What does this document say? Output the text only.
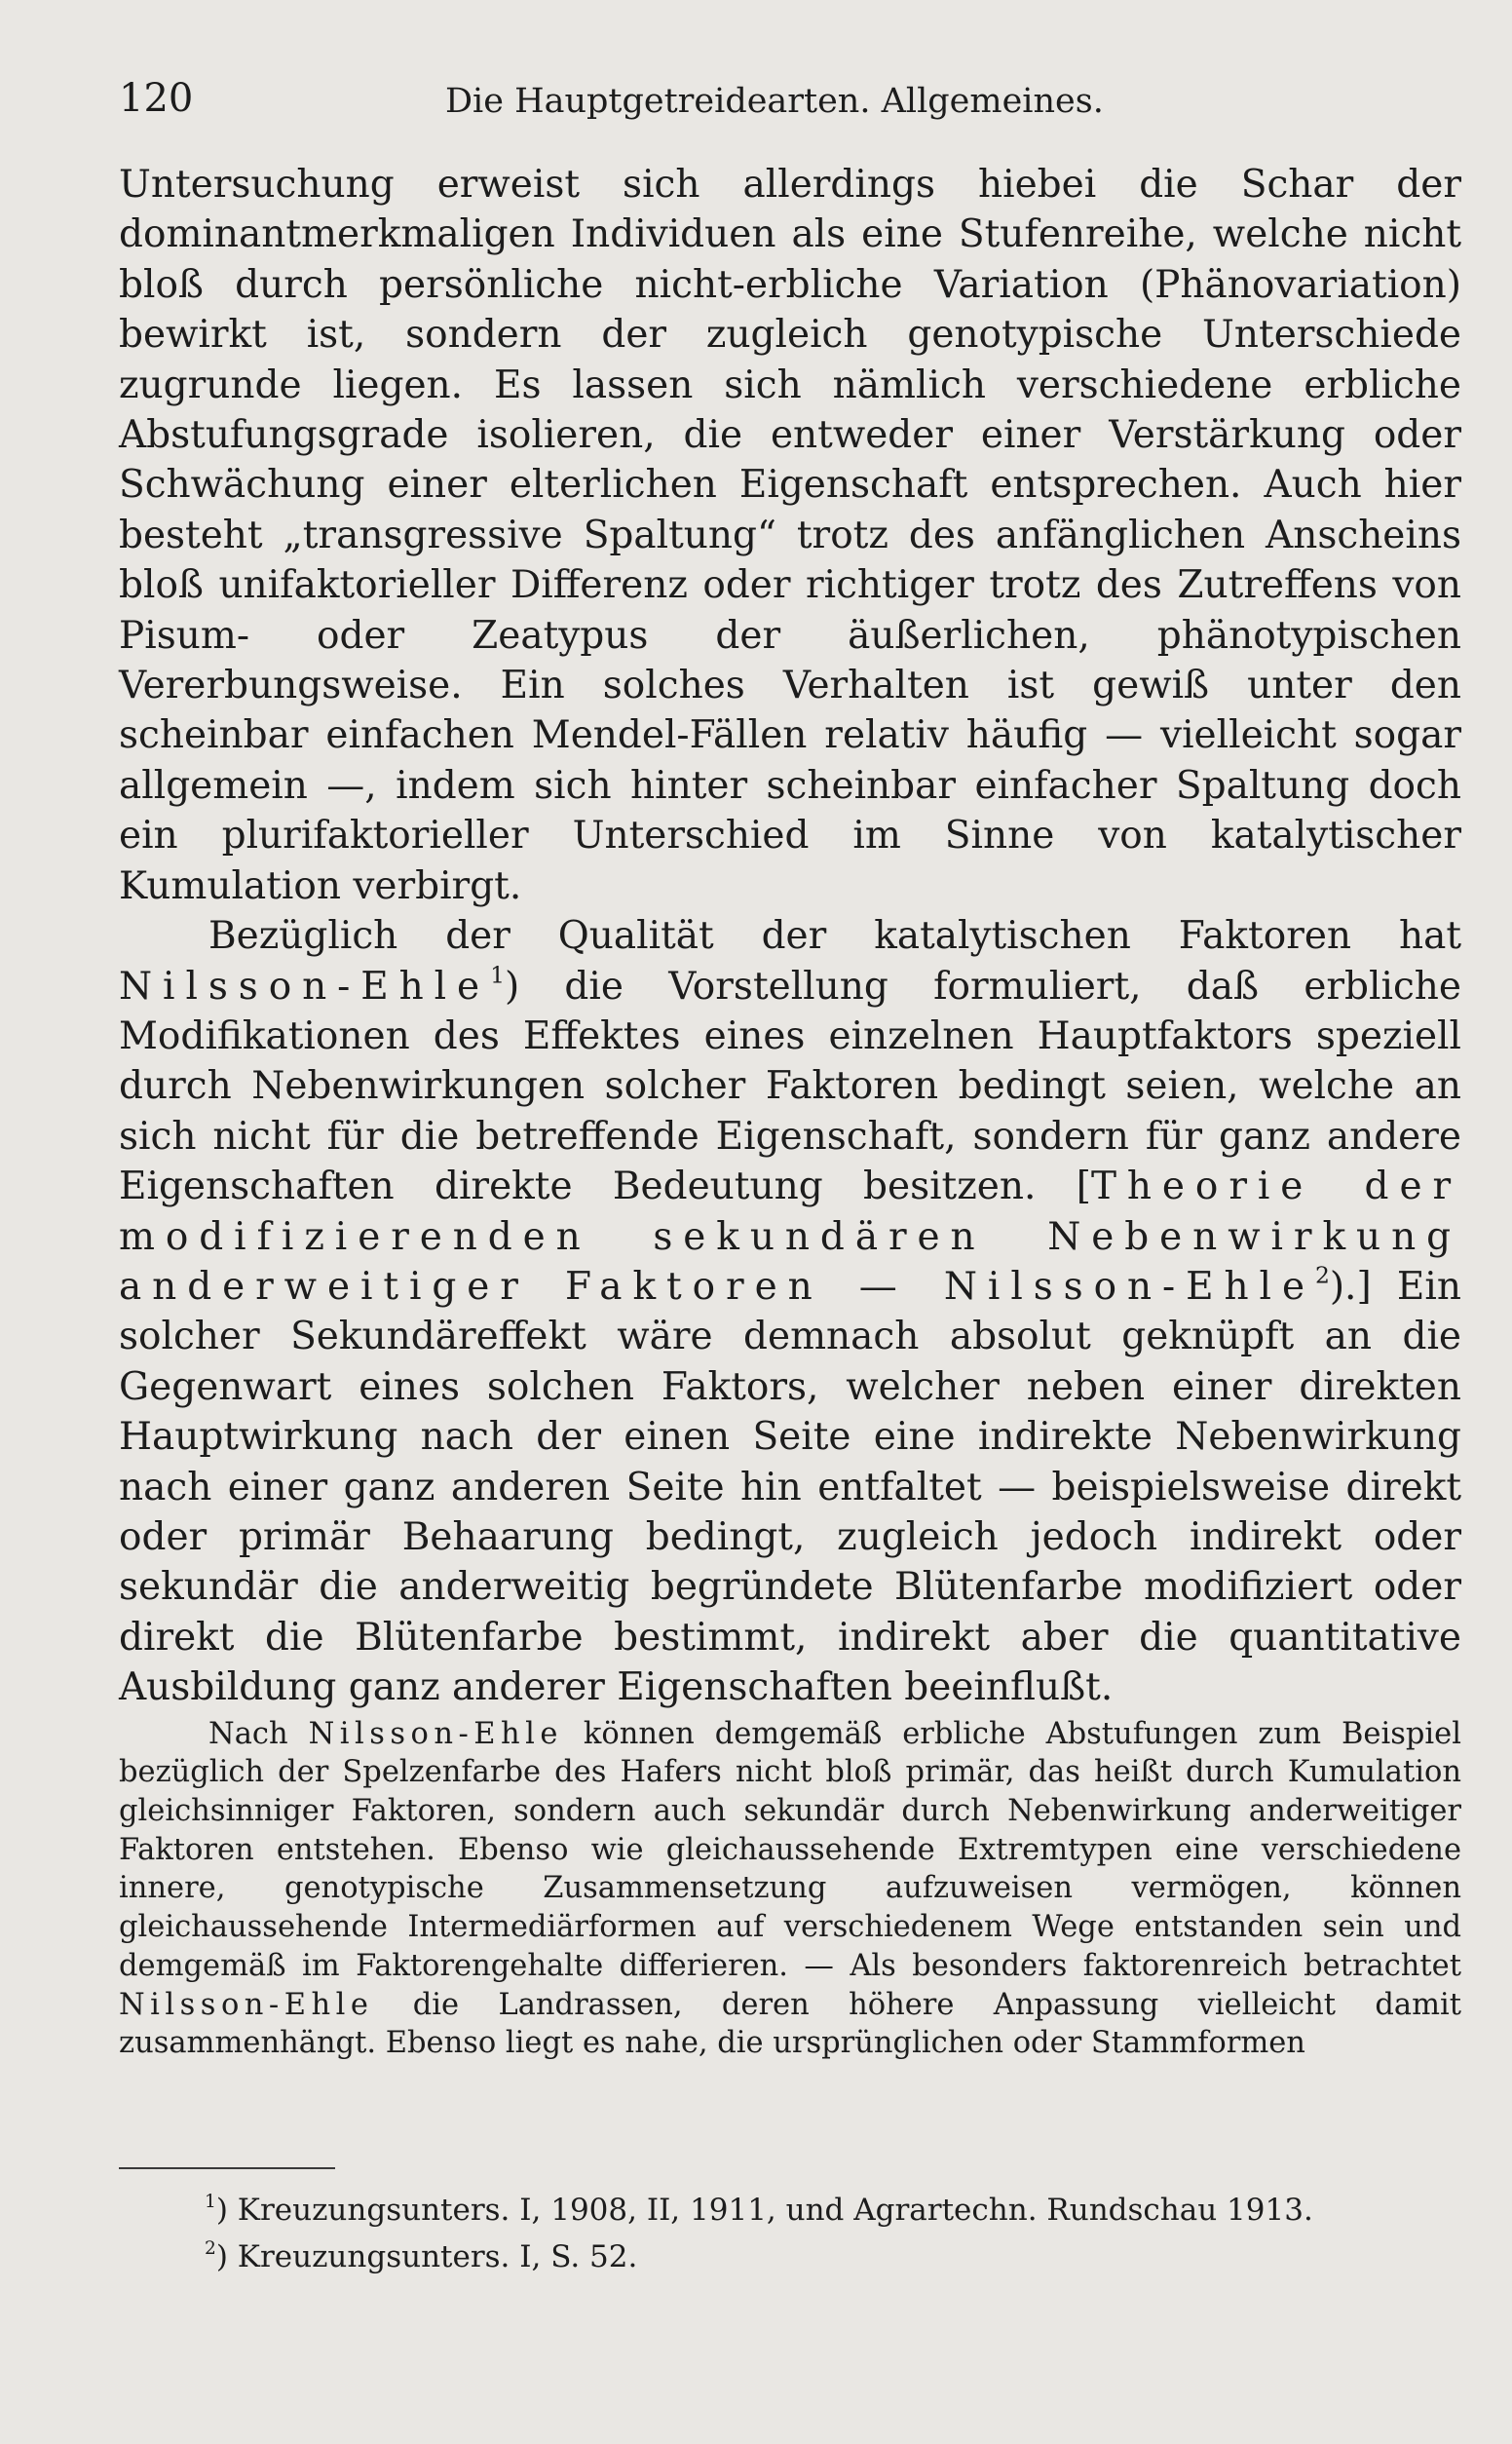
120	Die Hauptgetreidearten. Allgemeines.

Untersuchung erweist sich allerdings hiebei die Schar der dominantmerkmaligen Individuen als eine Stufenreihe, welche nicht bloß durch persönliche nicht-erbliche Variation (Phänovariation) bewirkt ist, sondern der zugleich genotypische Unterschiede zugrunde liegen. Es lassen sich nämlich verschiedene erbliche Abstufungsgrade isolieren, die entweder einer Verstärkung oder Schwächung einer elterlichen Eigenschaft entsprechen. Auch hier besteht „transgressive Spaltung“ trotz des anfänglichen Anscheins bloß unifaktorieller Differenz oder richtiger trotz des Zutreffens von Pisum- oder Zeatypus der äußerlichen, phänotypischen Vererbungsweise. Ein solches Verhalten ist gewiß unter den scheinbar einfachen Mendel-Fällen relativ häufig — vielleicht sogar allgemein —, indem sich hinter scheinbar einfacher Spaltung doch ein plurifaktorieller Unterschied im Sinne von katalytischer Kumulation verbirgt.

Bezüglich der Qualität der katalytischen Faktoren hat Nilsson-Ehle$^1$) die Vorstellung formuliert, daß erbliche Modifikationen des Effektes eines einzelnen Hauptfaktors speziell durch Nebenwirkungen solcher Faktoren bedingt seien, welche an sich nicht für die betreffende Eigenschaft, sondern für ganz andere Eigenschaften direkte Bedeutung besitzen. [Theorie der modifizierenden sekundären Nebenwirkung anderweitiger Faktoren — Nilsson-Ehle$^2$).] Ein solcher Sekundäreffekt wäre demnach absolut geknüpft an die Gegenwart eines solchen Faktors, welcher neben einer direkten Hauptwirkung nach der einen Seite eine indirekte Nebenwirkung nach einer ganz anderen Seite hin entfaltet — beispielsweise direkt oder primär Behaarung bedingt, zugleich jedoch indirekt oder sekundär die anderweitig begründete Blütenfarbe modifiziert oder direkt die Blütenfarbe bestimmt, indirekt aber die quantitative Ausbildung ganz anderer Eigenschaften beeinflußt.

Nach Nilsson-Ehle können demgemäß erbliche Abstufungen zum Beispiel bezüglich der Spelzenfarbe des Hafers nicht bloß primär, das heißt durch Kumulation gleichsinniger Faktoren, sondern auch sekundär durch Nebenwirkung anderweitiger Faktoren entstehen. Ebenso wie gleichaussehende Extremtypen eine verschiedene innere, genotypische Zusammensetzung aufzuweisen vermögen, können gleichaussehende Intermediärformen auf verschiedenem Wege entstanden sein und demgemäß im Faktorengehalte differieren. — Als besonders faktorenreich betrachtet Nilsson-Ehle die Landrassen, deren höhere Anpassung vielleicht damit zusammenhängt. Ebenso liegt es nahe, die ursprünglichen oder Stammformen

$^1$) Kreuzungsunters. I, 1908, II, 1911, und Agrartechn. Rundschau 1913.

$^2$) Kreuzungsunters. I, S. 52.
